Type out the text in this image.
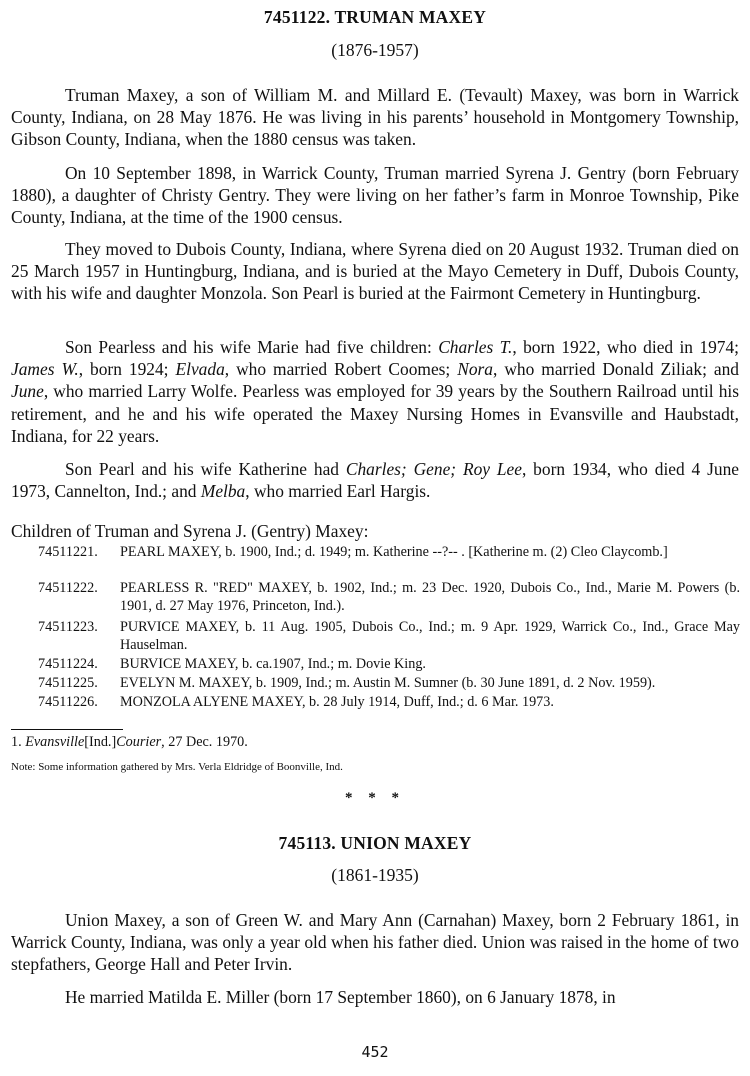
7451122. TRUMAN MAXEY
(1876-1957)
Truman Maxey, a son of William M. and Millard E. (Tevault) Maxey, was born in Warrick County, Indiana, on 28 May 1876. He was living in his parents’ household in Montgomery Township, Gibson County, Indiana, when the 1880 census was taken.
On 10 September 1898, in Warrick County, Truman married Syrena J. Gentry (born February 1880), a daughter of Christy Gentry. They were living on her father’s farm in Monroe Township, Pike County, Indiana, at the time of the 1900 census.
They moved to Dubois County, Indiana, where Syrena died on 20 August 1932. Truman died on 25 March 1957 in Huntingburg, Indiana, and is buried at the Mayo Cemetery in Duff, Dubois County, with his wife and daughter Monzola. Son Pearl is buried at the Fairmont Cemetery in Huntingburg.
Son Pearless and his wife Marie had five children: Charles T., born 1922, who died in 1974; James W., born 1924; Elvada, who married Robert Coomes; Nora, who married Donald Ziliak; and June, who married Larry Wolfe. Pearless was employed for 39 years by the Southern Railroad until his retirement, and he and his wife operated the Maxey Nursing Homes in Evansville and Haubstadt, Indiana, for 22 years.
Son Pearl and his wife Katherine had Charles; Gene; Roy Lee, born 1934, who died 4 June 1973, Cannelton, Ind.; and Melba, who married Earl Hargis.
Children of Truman and Syrena J. (Gentry) Maxey:
74511221.	PEARL MAXEY, b. 1900, Ind.; d. 1949; m. Katherine --?-- . [Katherine m. (2) Cleo Claycomb.]
74511222.	PEARLESS R. "RED" MAXEY, b. 1902, Ind.; m. 23 Dec. 1920, Dubois Co., Ind., Marie M. Powers (b. 1901, d. 27 May 1976, Princeton, Ind.).
74511223.	PURVICE MAXEY, b. 11 Aug. 1905, Dubois Co., Ind.; m. 9 Apr. 1929, Warrick Co., Ind., Grace May Hauselman.
74511224.	BURVICE MAXEY, b. ca.1907, Ind.; m. Dovie King.
74511225.	EVELYN M. MAXEY, b. 1909, Ind.; m. Austin M. Sumner (b. 30 June 1891, d. 2 Nov. 1959).
74511226.	MONZOLA ALYENE MAXEY, b. 28 July 1914, Duff, Ind.; d. 6 Mar. 1973.
1. Evansville[Ind.]Courier, 27 Dec. 1970.
Note: Some information gathered by Mrs. Verla Eldridge of Boonville, Ind.
* * *
745113. UNION MAXEY
(1861-1935)
Union Maxey, a son of Green W. and Mary Ann (Carnahan) Maxey, born 2 February 1861, in Warrick County, Indiana, was only a year old when his father died. Union was raised in the home of two stepfathers, George Hall and Peter Irvin.
He married Matilda E. Miller (born 17 September 1860), on 6 January 1878, in
452
